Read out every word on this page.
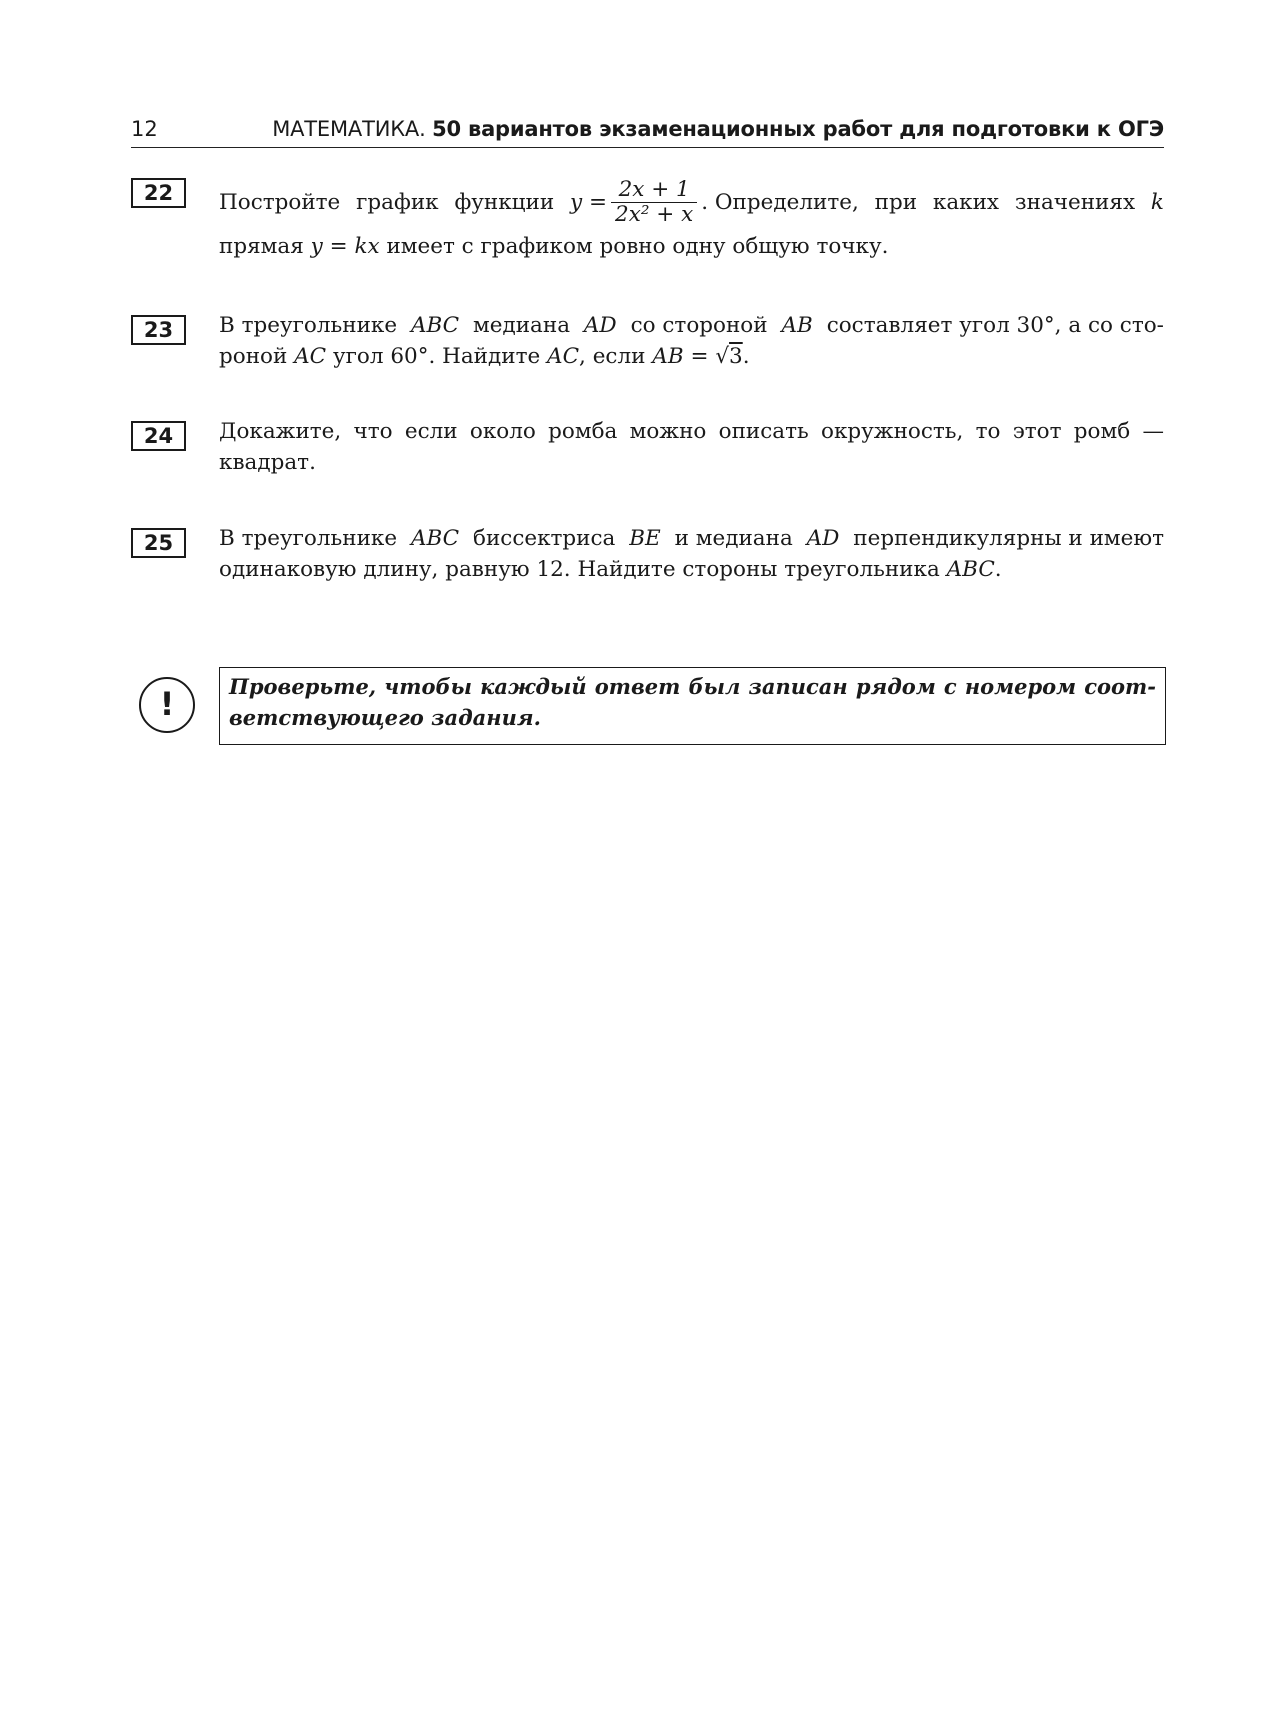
12	МАТЕМАТИКА. 50 вариантов экзаменационных работ для подготовки к ОГЭ
22	Постройте график функции y
= $\frac{2x + 1}{\text{2x² + x}}$ . Определите, при каких значениях k
прямая y = kx имеет с графиком ровно одну общую точку.
23	В треугольнике ABC медиана AD со стороной AB составляет угол 30°, а со сто-
роной AC угол 60°. Найдите AC, если AB = √3.
24	Докажите, что если около ромба можно описать окружность, то этот ромб —
квадрат.
25	В треугольнике ABC биссектриса BE и медиана AD перпендикулярны и имеют
одинаковую длину, равную 12. Найдите стороны треугольника ABC.
!	Проверьте, чтобы каждый ответ был записан рядом с номером соот-
ветствующего задания.
